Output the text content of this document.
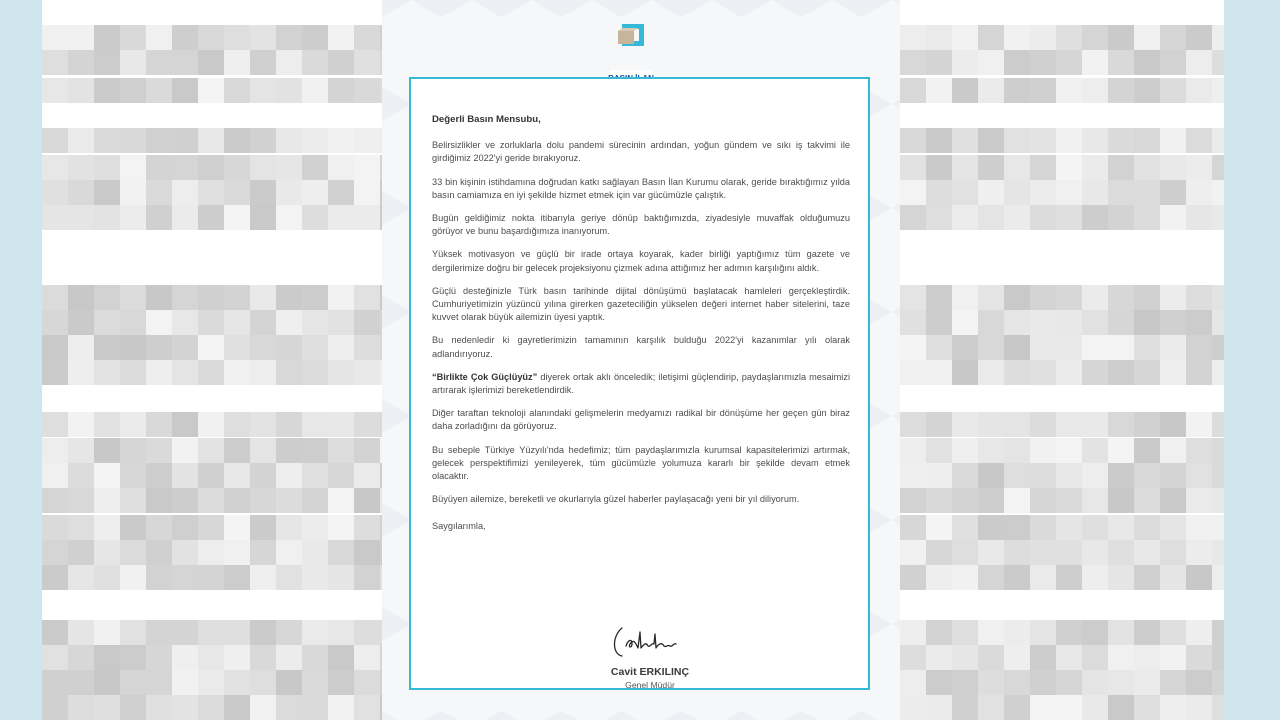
Değerli Basın Mensubu,

Belirsizlikler ve zorluklarla dolu pandemi sürecinin ardından, yoğun gündem ve sıkı iş takvimi ile girdiğimiz 2022'yi geride bırakıyoruz.

33 bin kişinin istihdamına doğrudan katkı sağlayan Basın İlan Kurumu olarak, geride bıraktığımız yılda basın camiamıza en iyi şekilde hizmet etmek için var gücümüzle çalıştık.

Bugün geldiğimiz nokta itibarıyla geriye dönüp baktığımızda, ziyadesiyle muvaffak olduğumuzu görüyor ve bunu başardığımıza inanıyorum.

Yüksek motivasyon ve güçlü bir irade ortaya koyarak, kader birliği yaptığımız tüm gazete ve dergilerimize doğru bir gelecek projeksiyonu çizmek adına attığımız her adımın karşılığını aldık.

Güçlü desteğinizle Türk basın tarihinde dijital dönüşümü başlatacak hamleleri gerçekleştirdik. Cumhuriyetimizin yüzüncü yılına girerken gazeteciliğin yükselen değeri internet haber sitelerini, taze kuvvet olarak büyük ailemizin üyesi yaptık.

Bu nedenledir ki gayretlerimizin tamamının karşılık bulduğu 2022'yi kazanımlar yılı olarak adlandırıyoruz.

“Birlikte Çok Güçlüyüz” diyerek ortak aklı önceledik; iletişimi güçlendirip, paydaşlarımızla mesaimizi artırarak işlerimizi bereketlendirdik.

Diğer taraftan teknoloji alanındaki gelişmelerin medyamızı radikal bir dönüşüme her geçen gün biraz daha zorladığını da görüyoruz.

Bu sebeple Türkiye Yüzyılı'nda hedefimiz; tüm paydaşlarımızla kurumsal kapasitelerimizi artırmak, gelecek perspektifimizi yenileyerek, tüm gücümüzle yolumuza kararlı bir şekilde devam etmek olacaktır.

Büyüyen ailemize, bereketli ve okurlarıyla güzel haberler paylaşacağı yeni bir yıl diliyorum.

Saygılarımla,

Cavit ERKILINÇ
Genel Müdür
